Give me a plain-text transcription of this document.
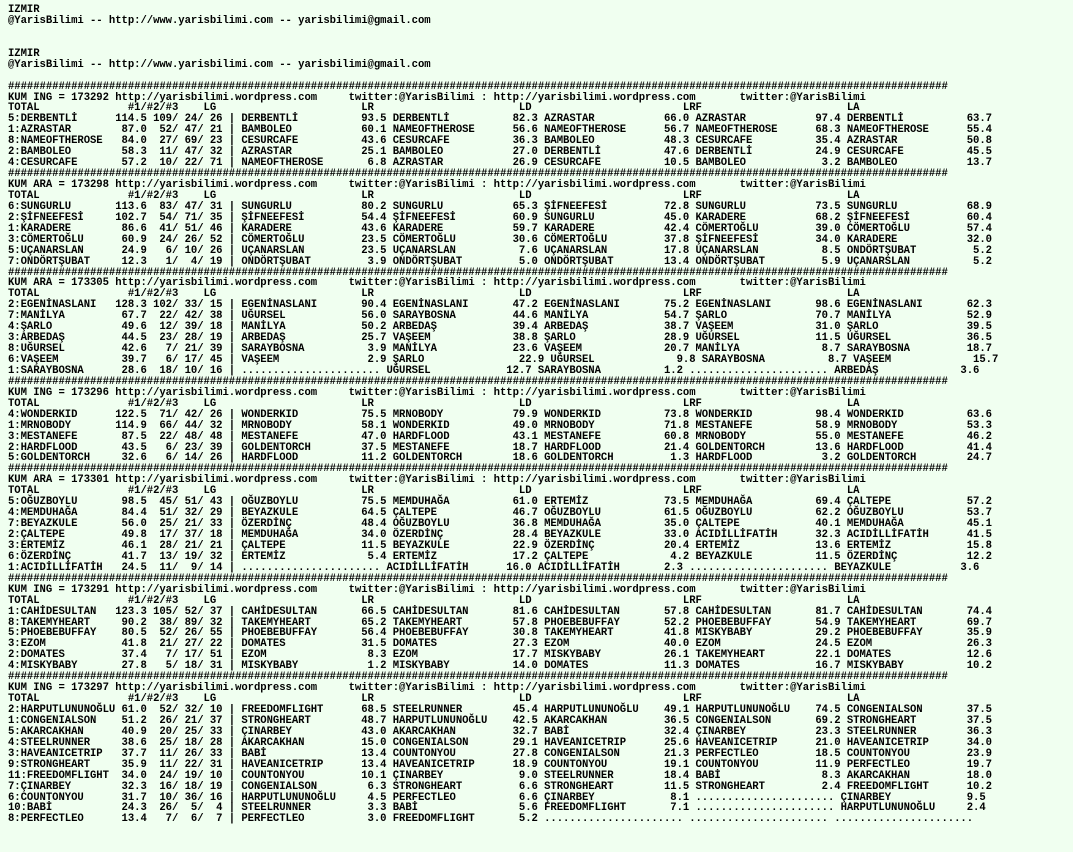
IZMIR
@YarisBilimi -- http://www.yarisbilimi.com -- yarisbilimi@gmail.com
IZMIR
@YarisBilimi -- http://www.yarisbilimi.com -- yarisbilimi@gmail.com
#####################################################################################################################################################
KUM ING = 173292 http://yarisbilimi.wordpress.com     twitter:@YarisBilimi : http://yarisbilimi.wordpress.com       twitter:@YarisBilimi
TOTAL              #1/#2/#3    LG                       LR                       LD                        LRF                       LA
5:DERBENTLİ      114.5 109/ 24/ 26 | DERBENTLİ          93.5 DERBENTLİ          82.3 AZRASTAR           66.0 AZRASTAR           97.4 DERBENTLİ          63.7
1:AZRASTAR        87.0  52/ 47/ 21 | BAMBOLEO           60.1 NAMEOFTHEROSE      56.6 NAMEOFTHEROSE      56.7 NAMEOFTHEROSE      68.3 NAMEOFTHEROSE      55.4
8:NAMEOFTHEROSE   84.0  27/ 69/ 23 | CESURCAFE          43.6 CESURCAFE          36.3 BAMBOLEO           48.3 CESURCAFE          35.4 AZRASTAR           50.8
2:BAMBOLEO        58.3  11/ 47/ 32 | AZRASTAR           25.1 BAMBOLEO           27.0 DERBENTLİ          47.6 DERBENTLİ          24.9 CESURCAFE          45.5
4:CESURCAFE       57.2  10/ 22/ 71 | NAMEOFTHEROSE       6.8 AZRASTAR           26.9 CESURCAFE          10.5 BAMBOLEO            3.2 BAMBOLEO           13.7
#####################################################################################################################################################
KUM ARA = 173298 http://yarisbilimi.wordpress.com     twitter:@YarisBilimi : http://yarisbilimi.wordpress.com       twitter:@YarisBilimi
TOTAL              #1/#2/#3    LG                       LR                       LD                        LRF                       LA
6:SUNGURLU       113.6  83/ 47/ 31 | SUNGURLU           80.2 SUNGURLU           65.3 ŞİFNEEFESİ         72.8 SUNGURLU           73.5 SUNGURLU           68.9
2:ŞİFNEEFESİ     102.7  54/ 71/ 35 | ŞİFNEEFESİ         54.4 ŞİFNEEFESİ         60.9 SUNGURLU           45.0 KARADERE           68.2 ŞİFNEEFESİ         60.4
1:KARADERE        86.6  41/ 51/ 46 | KARADERE           43.6 KARADERE           59.7 KARADERE           42.4 CÖMERTOĞLU         39.0 CÖMERTOĞLU         57.4
3:CÖMERTOĞLU      60.9  24/ 26/ 52 | CÖMERTOĞLU         23.5 CÖMERTOĞLU         30.6 CÖMERTOĞLU         37.8 ŞİFNEEFESİ         34.0 KARADERE           32.0
5:UÇANARSLAN      24.9   6/ 10/ 26 | UÇANARSLAN         23.5 UÇANARSLAN          7.6 UÇANARSLAN         17.8 UÇANARSLAN          8.5 ONDÖRTŞUBAT         5.2
7:ONDÖRTŞUBAT     12.3   1/  4/ 19 | ONDÖRTŞUBAT         3.9 ONDÖRTŞUBAT         5.0 ONDÖRTŞUBAT        13.4 ONDÖRTŞUBAT         5.9 UÇANARSLAN          5.2
#####################################################################################################################################################
KUM ARA = 173305 http://yarisbilimi.wordpress.com     twitter:@YarisBilimi : http://yarisbilimi.wordpress.com       twitter:@YarisBilimi
TOTAL              #1/#2/#3    LG                       LR                       LD                        LRF                       LA
2:EGENİNASLANI   128.3 102/ 33/ 15 | EGENİNASLANI       90.4 EGENİNASLANI       47.2 EGENİNASLANI       75.2 EGENİNASLANI       98.6 EGENİNASLANI       62.3
7:MANİLYA         67.7  22/ 42/ 38 | UĞURSEL            56.0 SARAYBOSNA         44.6 MANİLYA            54.7 ŞARLO              70.7 MANİLYA            52.9
4:ŞARLO           49.6  12/ 39/ 18 | MANİLYA            50.2 ARBEDAŞ            39.4 ARBEDAŞ            38.7 VAŞEEM             31.0 ŞARLO              39.5
3:ARBEDAŞ         44.5  23/ 28/ 19 | ARBEDAŞ            25.7 VAŞEEM             38.8 ŞARLO              28.9 UĞURSEL            11.5 UĞURSEL            36.5
8:UĞURSEL         42.6   7/ 21/ 39 | SARAYBOSNA          3.9 MANİLYA            23.6 VAŞEEM             20.7 MANİLYA             8.7 SARAYBOSNA         18.7
6:VAŞEEM          39.7   6/ 17/ 45 | VAŞEEM              2.9 ŞARLO               22.9 UĞURSEL             9.8 SARAYBOSNA          8.7 VAŞEEM             15.7
1:SARAYBOSNA      28.6  18/ 10/ 16 | ...................... UĞURSEL            12.7 SARAYBOSNA          1.2 ...................... ARBEDAŞ             3.6
#####################################################################################################################################################
KUM ING = 173296 http://yarisbilimi.wordpress.com     twitter:@YarisBilimi : http://yarisbilimi.wordpress.com       twitter:@YarisBilimi
TOTAL              #1/#2/#3    LG                       LR                       LD                        LRF                       LA
4:WONDERKID      122.5  71/ 42/ 26 | WONDERKID          75.5 MRNOBODY           79.9 WONDERKID          73.8 WONDERKID          98.4 WONDERKID          63.6
1:MRNOBODY       114.9  66/ 44/ 32 | MRNOBODY           58.1 WONDERKID          49.0 MRNOBODY           71.8 MESTANEFE          58.9 MRNOBODY           53.3
3:MESTANEFE       87.5  22/ 48/ 48 | MESTANEFE          47.0 HARDFLOOD          43.1 MESTANEFE          60.8 MRNOBODY           55.0 MESTANEFE          46.2
2:HARDFLOOD       43.5   6/ 23/ 39 | GOLDENTORCH        37.5 MESTANEFE          18.7 HARDFLOOD          21.4 GOLDENTORCH        13.6 HARDFLOOD          41.4
5:GOLDENTORCH     32.6   6/ 14/ 26 | HARDFLOOD          11.2 GOLDENTORCH        18.6 GOLDENTORCH         1.3 HARDFLOOD           3.2 GOLDENTORCH        24.7
#####################################################################################################################################################
KUM ARA = 173301 http://yarisbilimi.wordpress.com     twitter:@YarisBilimi : http://yarisbilimi.wordpress.com       twitter:@YarisBilimi
TOTAL              #1/#2/#3    LG                       LR                       LD                        LRF                       LA
5:OĞUZBOYLU       98.5  45/ 51/ 43 | OĞUZBOYLU          75.5 MEMDUHAĞA          61.0 ERTEMİZ            73.5 MEMDUHAĞA          69.4 ÇALTEPE            57.2
4:MEMDUHAĞA       84.4  51/ 32/ 29 | BEYAZKULE          64.5 ÇALTEPE            46.7 OĞUZBOYLU          61.5 OĞUZBOYLU          62.2 OĞUZBOYLU          53.7
7:BEYAZKULE       56.0  25/ 21/ 33 | ÖZERDİNÇ           48.4 OĞUZBOYLU          36.8 MEMDUHAĞA          35.0 ÇALTEPE            40.1 MEMDUHAĞA          45.1
2:ÇALTEPE         49.8  17/ 37/ 18 | MEMDUHAĞA          34.0 ÖZERDİNÇ           28.4 BEYAZKULE          33.0 ACIDİLLİFATİH      32.3 ACIDİLLİFATİH      41.5
3:ERTEMİZ         46.1  28/ 21/ 21 | ÇALTEPE            11.5 BEYAZKULE          22.9 ÖZERDİNÇ           20.4 ERTEMİZ            13.6 ERTEMİZ            15.8
6:ÖZERDİNÇ        41.7  13/ 19/ 32 | ERTEMİZ             5.4 ERTEMİZ            17.2 ÇALTEPE             4.2 BEYAZKULE          11.5 ÖZERDİNÇ           12.2
1:ACIDİLLİFATİH   24.5  11/  9/ 14 | ...................... ACIDİLLİFATİH      16.0 ACIDİLLİFATİH       2.3 ...................... BEYAZKULE           3.6
#####################################################################################################################################################
KUM ING = 173291 http://yarisbilimi.wordpress.com     twitter:@YarisBilimi : http://yarisbilimi.wordpress.com       twitter:@YarisBilimi
TOTAL              #1/#2/#3    LG                       LR                       LD                        LRF                       LA
1:CAHİDESULTAN   123.3 105/ 52/ 37 | CAHİDESULTAN       66.5 CAHİDESULTAN       81.6 CAHİDESULTAN       57.8 CAHİDESULTAN       81.7 CAHİDESULTAN       74.4
8:TAKEMYHEART     90.2  38/ 89/ 32 | TAKEMYHEART        65.2 TAKEMYHEART        57.8 PHOEBEBUFFAY       52.2 PHOEBEBUFFAY       54.9 TAKEMYHEART        69.7
5:PHOEBEBUFFAY    80.5  52/ 26/ 55 | PHOEBEBUFFAY       56.4 PHOEBEBUFFAY       30.8 TAKEMYHEART        41.8 MISKYBABY          29.2 PHOEBEBUFFAY       35.9
3:EZOM            41.8  21/ 27/ 22 | DOMATES            31.5 DOMATES            27.3 EZOM               40.0 EZOM               24.5 EZOM               26.3
2:DOMATES         37.4   7/ 17/ 51 | EZOM                8.3 EZOM               17.7 MISKYBABY          26.1 TAKEMYHEART        22.1 DOMATES            12.6
4:MISKYBABY       27.8   5/ 18/ 31 | MISKYBABY           1.2 MISKYBABY          14.0 DOMATES            11.3 DOMATES            16.7 MISKYBABY          10.2
#####################################################################################################################################################
KUM ING = 173297 http://yarisbilimi.wordpress.com     twitter:@YarisBilimi : http://yarisbilimi.wordpress.com       twitter:@YarisBilimi
TOTAL              #1/#2/#3    LG                       LR                       LD                        LRF                       LA
2:HARPUTLUNUNOĞLU 61.0  52/ 32/ 10 | FREEDOMFLIGHT      68.5 STEELRUNNER        45.4 HARPUTLUNUNOĞLU    49.1 HARPUTLUNUNOĞLU    74.5 CONGENIALSON       37.5
1:CONGENIALSON    51.2  26/ 21/ 37 | STRONGHEART        48.7 HARPUTLUNUNOĞLU    42.5 AKARCAKHAN         36.5 CONGENIALSON       69.2 STRONGHEART        37.5
5:AKARCAKHAN      40.9  20/ 25/ 33 | ÇINARBEY           43.0 AKARCAKHAN         32.7 BABİ               32.4 ÇINARBEY           23.3 STEELRUNNER        36.3
4:STEELRUNNER     38.6  25/ 18/ 28 | AKARCAKHAN         15.0 CONGENIALSON       29.1 HAVEANICETRIP      25.6 HAVEANICETRIP      21.0 HAVEANICETRIP      34.0
3:HAVEANICETRIP   37.7  11/ 26/ 33 | BABİ               13.4 COUNTONYOU         27.8 CONGENIALSON       21.3 PERFECTLEO         18.5 COUNTONYOU         23.9
9:STRONGHEART     35.9  11/ 22/ 31 | HAVEANICETRIP      13.4 HAVEANICETRIP      18.9 COUNTONYOU         19.1 COUNTONYOU         11.9 PERFECTLEO         19.7
11:FREEDOMFLIGHT  34.0  24/ 19/ 10 | COUNTONYOU         10.1 ÇINARBEY            9.0 STEELRUNNER        18.4 BABİ                8.3 AKARCAKHAN         18.0
7:ÇINARBEY        32.3  16/ 18/ 19 | CONGENIALSON        6.3 STRONGHEART         6.6 STRONGHEART        11.5 STRONGHEART         2.4 FREEDOMFLIGHT      10.2
6:COUNTONYOU      31.7  10/ 36/ 16 | HARPUTLUNUNOĞLU     4.5 PERFECTLEO          6.6 ÇINARBEY            8.1 ...................... ÇINARBEY            9.5
10:BABİ           24.3  26/  5/  4 | STEELRUNNER         3.3 BABİ                5.6 FREEDOMFLIGHT       7.1 ...................... HARPUTLUNUNOĞLU     2.4
8:PERFECTLEO      13.4   7/  6/  7 | PERFECTLEO          3.0 FREEDOMFLIGHT       5.2 ...................... ...................... ......................
